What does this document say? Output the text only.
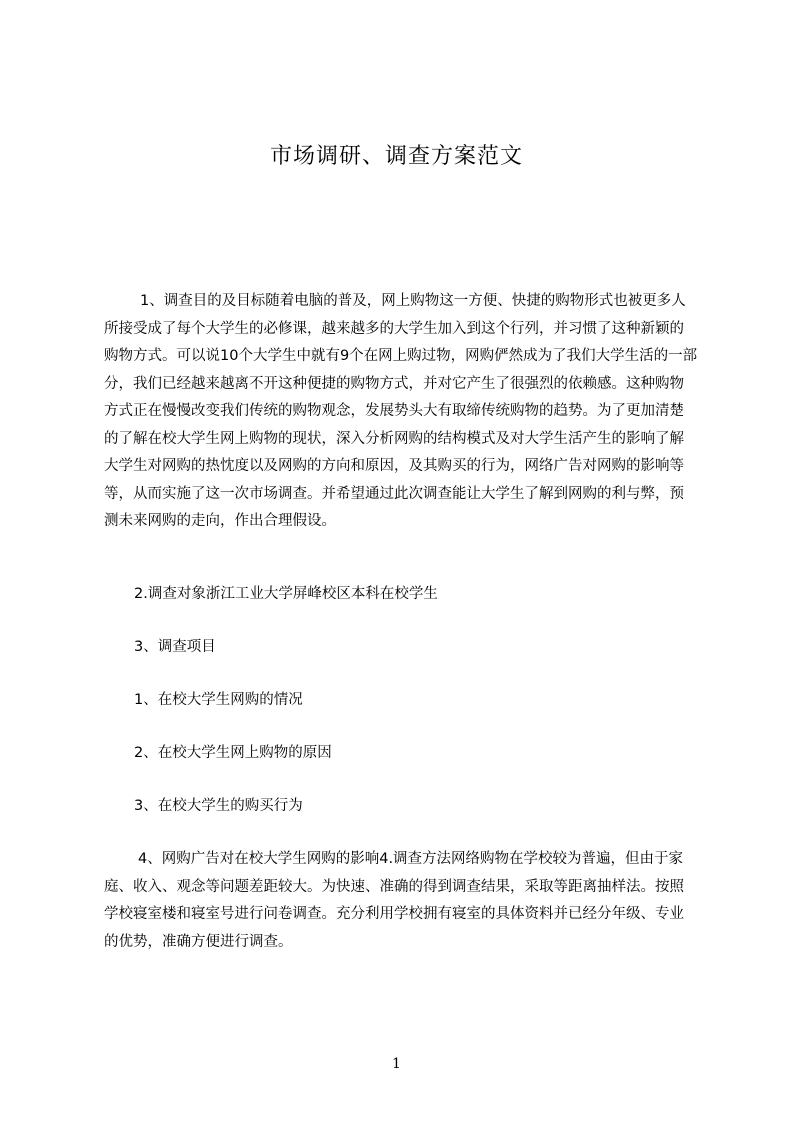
市场调研、调查方案范文
1、调查目的及目标随着电脑的普及，网上购物这一方便、快捷的购物形式也被更多人所接受成了每个大学生的必修课，越来越多的大学生加入到这个行列，并习惯了这种新颖的购物方式。可以说10个大学生中就有9个在网上购过物，网购俨然成为了我们大学生活的一部分，我们已经越来越离不开这种便捷的购物方式，并对它产生了很强烈的依赖感。这种购物方式正在慢慢改变我们传统的购物观念，发展势头大有取缔传统购物的趋势。为了更加清楚的了解在校大学生网上购物的现状，深入分析网购的结构模式及对大学生活产生的影响了解大学生对网购的热忱度以及网购的方向和原因，及其购买的行为，网络广告对网购的影响等等，从而实施了这一次市场调查。并希望通过此次调查能让大学生了解到网购的利与弊，预测未来网购的走向，作出合理假设。
2.调查对象浙江工业大学屏峰校区本科在校学生
3、调查项目
1、在校大学生网购的情况
2、在校大学生网上购物的原因
3、在校大学生的购买行为
4、网购广告对在校大学生网购的影响4.调查方法网络购物在学校较为普遍，但由于家庭、收入、观念等问题差距较大。为快速、准确的得到调查结果，采取等距离抽样法。按照学校寝室楼和寝室号进行问卷调查。充分利用学校拥有寝室的具体资料并已经分年级、专业的优势，准确方便进行调查。
1
